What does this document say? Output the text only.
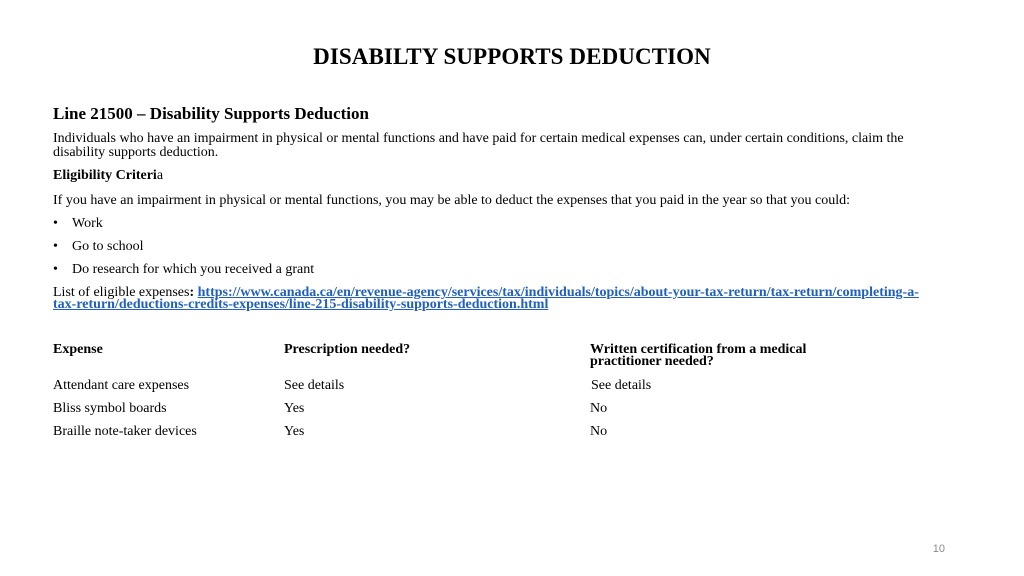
DISABILTY SUPPORTS DEDUCTION
Line 21500 – Disability Supports Deduction

Individuals who have an impairment in physical or mental functions and have paid for certain medical expenses can, under certain conditions, claim the disability supports deduction.

Eligibility Criteria

If you have an impairment in physical or mental functions, you may be able to deduct the expenses that you paid in the year so that you could:

• Work
• Go to school
• Do research for which you received a grant

List of eligible expenses: https://www.canada.ca/en/revenue-agency/services/tax/individuals/topics/about-your-tax-return/tax-return/completing-a-tax-return/deductions-credits-expenses/line-215-disability-supports-deduction.html

Expense	Prescription needed?	Written certification from a medical practitioner needed?
Attendant care expenses	See details	See details
Bliss symbol boards	Yes	No
Braille note-taker devices	Yes	No
10
